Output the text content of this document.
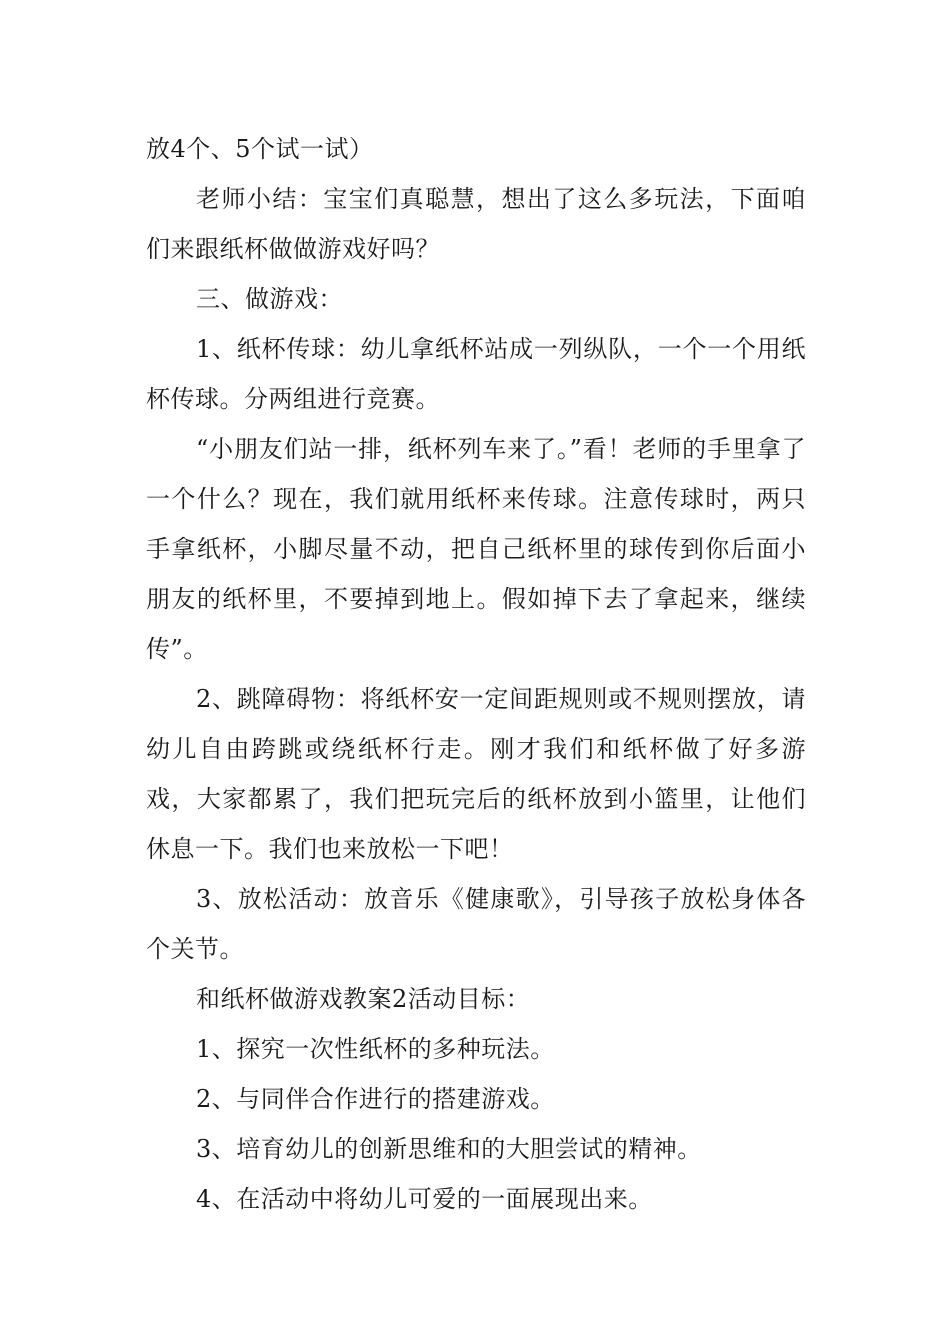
放4个、5个试一试）

老师小结：宝宝们真聪慧，想出了这么多玩法，下面咱们来跟纸杯做做游戏好吗？

三、做游戏：

1、纸杯传球：幼儿拿纸杯站成一列纵队，一个一个用纸杯传球。分两组进行竞赛。

“小朋友们站一排，纸杯列车来了。”看！老师的手里拿了一个什么？现在，我们就用纸杯来传球。注意传球时，两只手拿纸杯，小脚尽量不动，把自己纸杯里的球传到你后面小朋友的纸杯里，不要掉到地上。假如掉下去了拿起来，继续传”。

2、跳障碍物：将纸杯安一定间距规则或不规则摆放，请幼儿自由跨跳或绕纸杯行走。刚才我们和纸杯做了好多游戏，大家都累了，我们把玩完后的纸杯放到小篮里，让他们休息一下。我们也来放松一下吧！

3、放松活动：放音乐《健康歌》，引导孩子放松身体各个关节。

和纸杯做游戏教案2活动目标：

1、探究一次性纸杯的多种玩法。

2、与同伴合作进行的搭建游戏。

3、培育幼儿的创新思维和的大胆尝试的精神。

4、在活动中将幼儿可爱的一面展现出来。
